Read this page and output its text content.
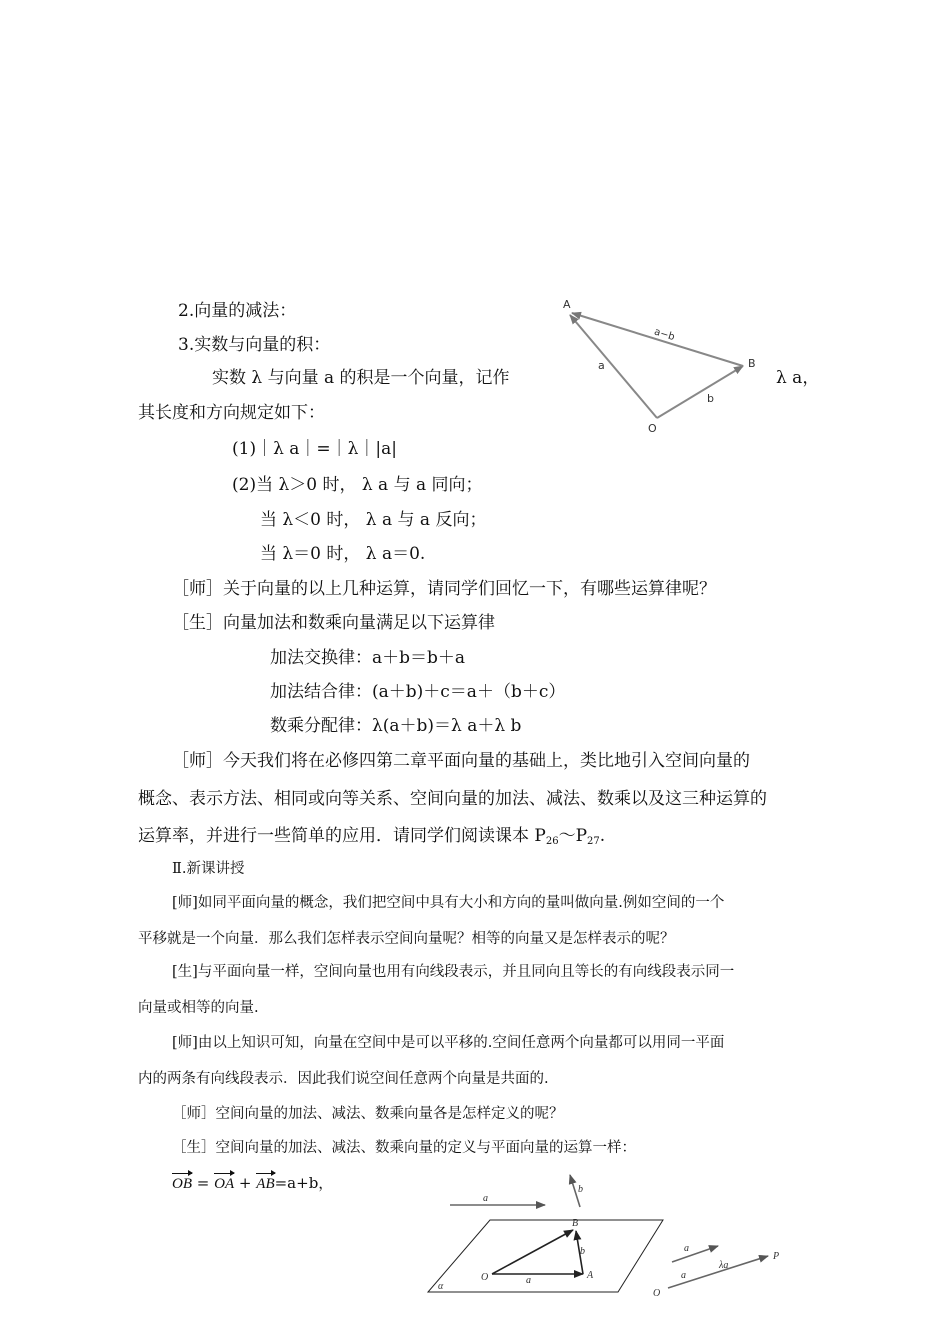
2.向量的减法：
3.实数与向量的积：
实数 λ 与向量 a 的积是一个向量，记作	λ a，
其长度和方向规定如下：
(1)｜λ a｜=｜λ｜|a|
(2)当 λ＞0 时， λ a 与 a 同向；
当 λ＜0 时， λ a 与 a 反向；
当 λ＝0 时， λ a＝0.
A
B
O
a
b
a−b
［师］关于向量的以上几种运算，请同学们回忆一下，有哪些运算律呢？
［生］向量加法和数乘向量满足以下运算律
加法交换律：a＋b＝b＋a
加法结合律：(a＋b)＋c＝a＋（b＋c）
数乘分配律：λ(a＋b)＝λ a＋λ b
［师］今天我们将在必修四第二章平面向量的基础上，类比地引入空间向量的
概念、表示方法、相同或向等关系、空间向量的加法、减法、数乘以及这三种运算的
运算率，并进行一些简单的应用．请同学们阅读课本 $P_{26}\sim P_{27}$.
Ⅱ.新课讲授
[师]如同平面向量的概念，我们把空间中具有大小和方向的量叫做向量.例如空间的一个
平移就是一个向量．那么我们怎样表示空间向量呢？相等的向量又是怎样表示的呢？
[生]与平面向量一样，空间向量也用有向线段表示，并且同向且等长的有向线段表示同一
向量或相等的向量.
[师]由以上知识可知，向量在空间中是可以平移的.空间任意两个向量都可以用同一平面
内的两条有向线段表示．因此我们说空间任意两个向量是共面的.
［师］空间向量的加法、减法、数乘向量各是怎样定义的呢？
［生］空间向量的加法、减法、数乘向量的定义与平面向量的运算一样：
OB = OA + AB=a+b，
a
b
B
b
O	a	A
α
a
a
λa
P
O
